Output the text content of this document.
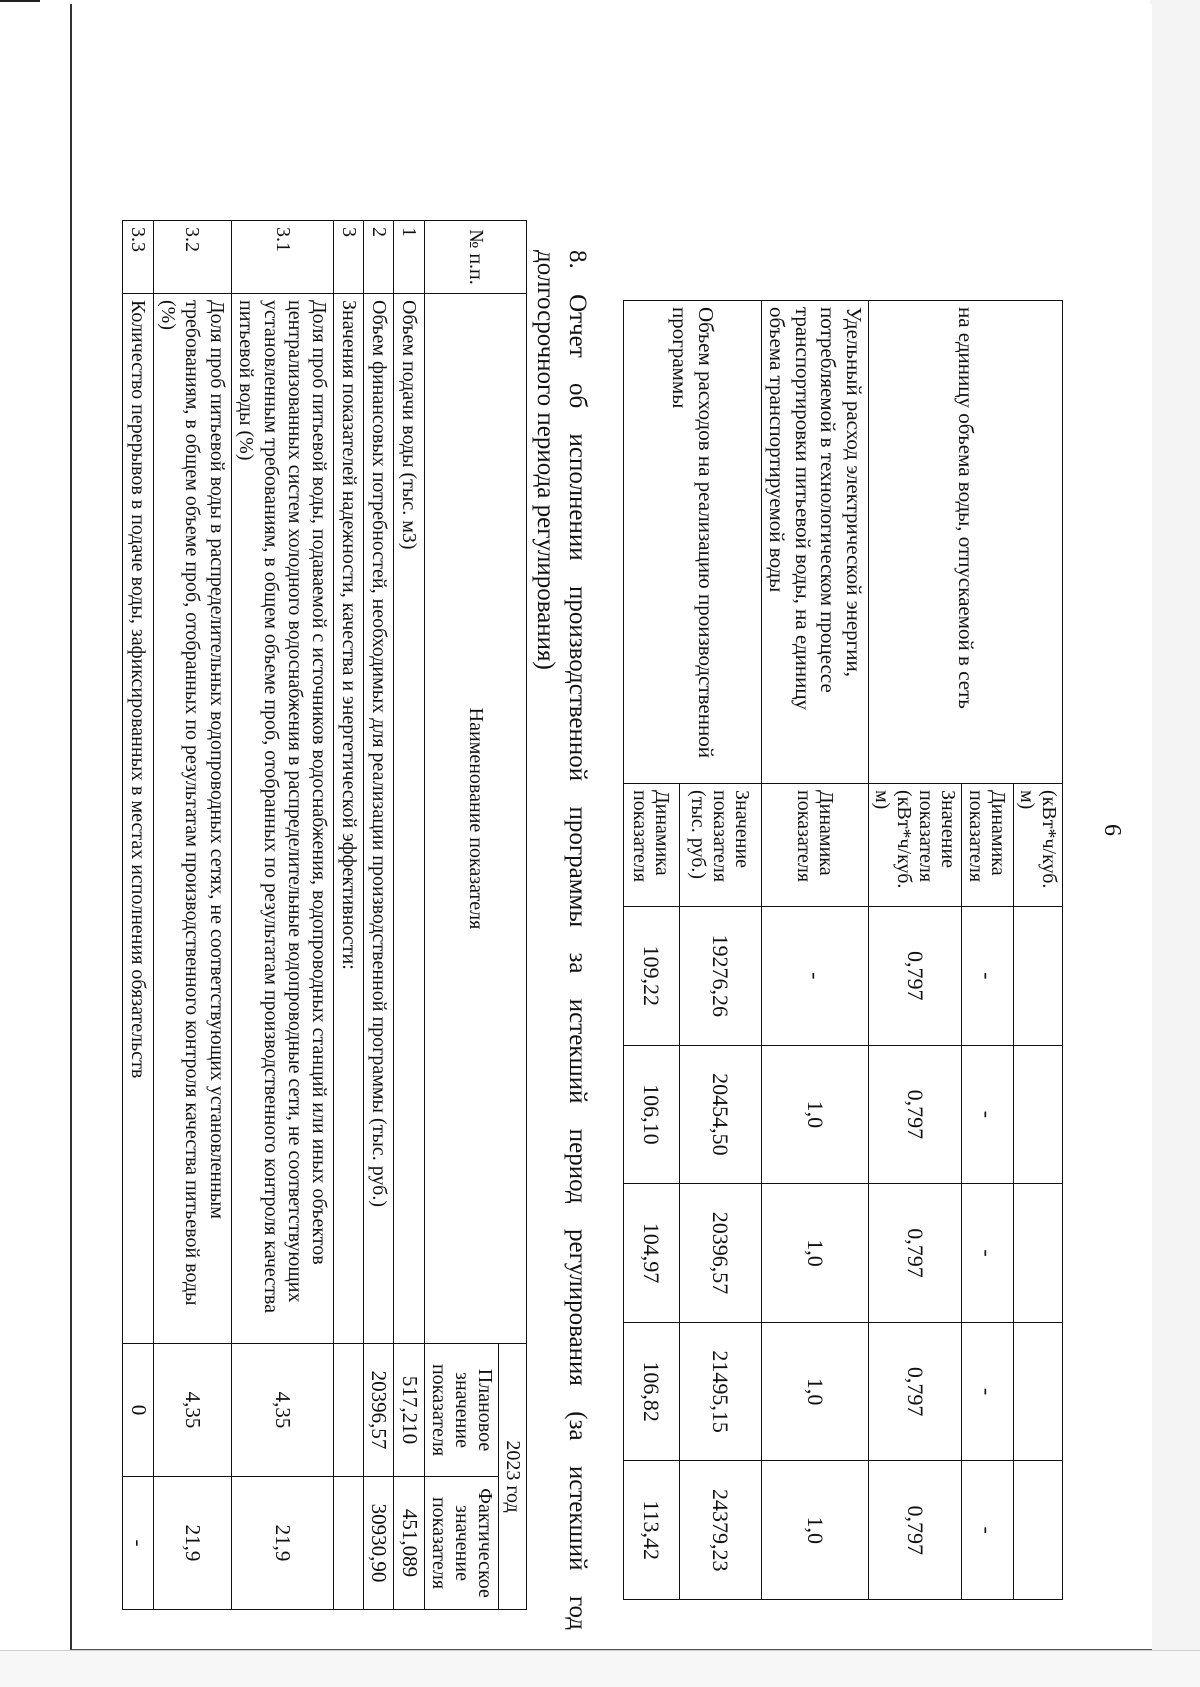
6
на единицу объема воды, отпускаемой в сеть	(кВт*ч/куб. м)					
	Динамика показателя	-	-	-	-	-
	Значение показателя (кВт*ч/куб. м)	0,797	0,797	0,797	0,797	0,797
Удельный расход электрической энергии, потребляемой в технологическом процессе транспортировки питьевой воды, на единицу объема транспортируемой воды	Динамика показателя	-	1,0	1,0	1,0	1,0
Объем расходов на реализацию производственной программы	Значение показателя (тыс. руб.)	19276,26	20454,50	20396,57	21495,15	24379,23
	Динамика показателя	109,22	106,10	104,97	106,82	113,42
8. Отчет об исполнении производственной программы за истекший период регулирования (за истекший год
долгосрочного периода регулирования)
№ п.п.	Наименование показателя	2023 год	
		Плановое значение показателя	Фактическое значение показателя
1	Объем подачи воды (тыс. м3)	517,210	451,089
2	Объем финансовых потребностей, необходимых для реализации производственной программы (тыс. руб.)	20396,57	30930,90
3	Значения показателей надежности, качества и энергетической эффективности:		
3.1	Доля проб питьевой воды, подаваемой с источников водоснабжения, водопроводных станций или иных объектов централизованных систем холодного водоснабжения в распределительные водопроводные сети, не соответствующих установленным требованиям, в общем объеме проб, отобранных по результатам производственного контроля качества питьевой воды (%)	4,35	21,9
3.2	Доля проб питьевой воды в распределительных водопроводных сетях, не соответствующих установленным требованиям, в общем объеме проб, отобранных по результатам производственного контроля качества питьевой воды (%)	4,35	21,9
3.3	Количество перерывов в подаче воды, зафиксированных в местах исполнения обязательств	0	-
